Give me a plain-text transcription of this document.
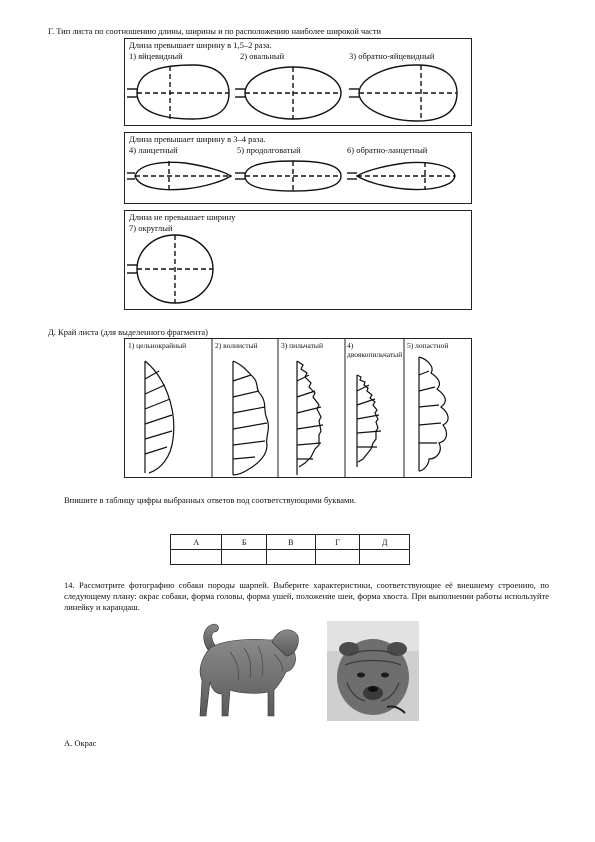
Г. Тип листа по соотношению длины, ширины и по расположению наиболее широкой части
Длина превышает ширину в 1,5–2 раза.
1) яйцевидный	2) овальный	3) обратно-яйцевидный
Длина превышает ширину в 3–4 раза.
4) ланцетный	5) продолговатый	6) обратно-ланцетный
Длина не превышает ширину
7) округлый
Д. Край листа (для выделенного фрагмента)
1) цельнокрайный	2) волнистый	3) пильчатый	4) двоякопильчатый
5) лопастной
Впишите в таблицу цифры выбранных ответов под соответствующими буквами.
А	Б	В	Г	Д

14. Рассмотрите фотографию собаки породы шарпей. Выберите характеристики, соответствующие её внешнему строению, по следующему плану: окрас собаки, форма головы, форма ушей, положение шеи, форма хвоста. При выполнении работы используйте линейку и карандаш.
А. Окрас
